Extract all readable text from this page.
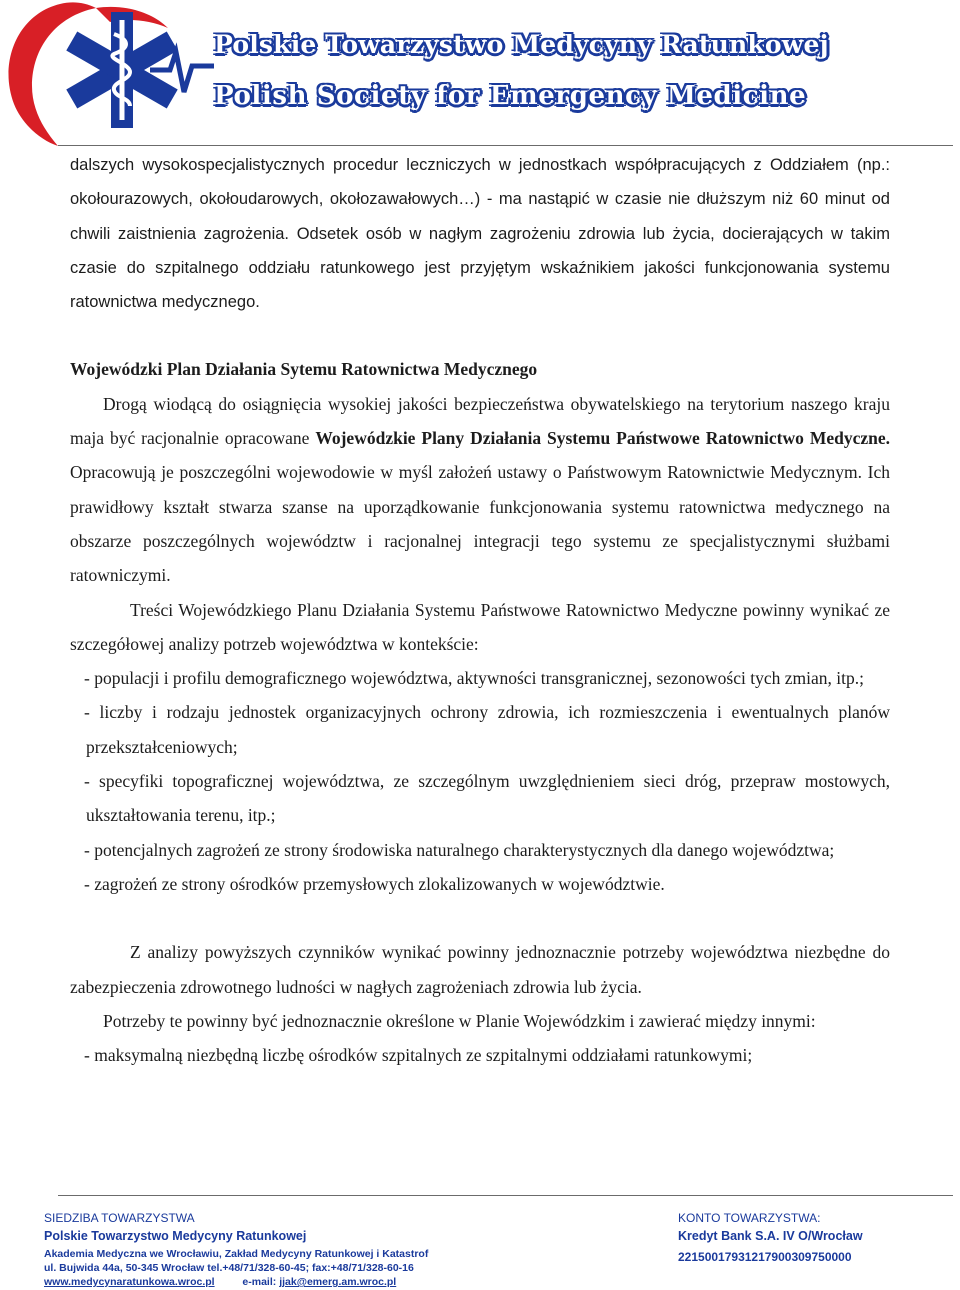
Polskie Towarzystwo Medycyny Ratunkowej
Polish Society for Emergency Medicine

dalszych wysokospecjalistycznych procedur leczniczych w jednostkach współpracujących z Oddziałem (np.: okołourazowych, okołoudarowych, okołozawałowych…) - ma nastąpić w czasie nie dłuższym niż 60 minut od chwili zaistnienia zagrożenia. Odsetek osób w nagłym zagrożeniu zdrowia lub życia, docierających w takim czasie do szpitalnego oddziału ratunkowego jest przyjętym wskaźnikiem jakości funkcjonowania systemu ratownictwa medycznego.

Wojewódzki Plan Działania Sytemu Ratownictwa Medycznego

Drogą wiodącą do osiągnięcia wysokiej jakości bezpieczeństwa obywatelskiego na terytorium naszego kraju maja być racjonalnie opracowane Wojewódzkie Plany Działania Systemu Państwowe Ratownictwo Medyczne. Opracowują je poszczególni wojewodowie w myśl założeń ustawy o Państwowym Ratownictwie Medycznym. Ich prawidłowy kształt stwarza szanse na uporządkowanie funkcjonowania systemu ratownictwa medycznego na obszarze poszczególnych województw i racjonalnej integracji tego systemu ze specjalistycznymi służbami ratowniczymi.

Treści Wojewódzkiego Planu Działania Systemu Państwowe Ratownictwo Medyczne powinny wynikać ze szczegółowej analizy potrzeb województwa w kontekście:

- populacji i profilu demograficznego województwa, aktywności transgranicznej, sezonowości tych zmian, itp.;

- liczby i rodzaju jednostek organizacyjnych ochrony zdrowia, ich rozmieszczenia i ewentualnych planów przekształceniowych;

- specyfiki topograficznej województwa, ze szczególnym uwzględnieniem sieci dróg, przepraw mostowych, ukształtowania terenu, itp.;

- potencjalnych zagrożeń ze strony środowiska naturalnego charakterystycznych dla danego województwa;

- zagrożeń ze strony ośrodków przemysłowych zlokalizowanych w województwie.

Z analizy powyższych czynników wynikać powinny jednoznacznie potrzeby województwa niezbędne do zabezpieczenia zdrowotnego ludności w nagłych zagrożeniach zdrowia lub życia.

Potrzeby te powinny być jednoznacznie określone w Planie Wojewódzkim i zawierać między innymi:

- maksymalną niezbędną liczbę ośrodków szpitalnych ze szpitalnymi oddziałami ratunkowymi;

SIEDZIBA TOWARZYSTWA
Polskie Towarzystwo Medycyny Ratunkowej
Akademia Medyczna we Wrocławiu, Zakład Medycyny Ratunkowej i Katastrof
ul. Bujwida 44a, 50-345 Wrocław tel.+48/71/328-60-45; fax:+48/71/328-60-16
www.medycynaratunkowa.wroc.pl	e-mail: jjak@emerg.am.wroc.pl
KONTO TOWARZYSTWA:
Kredyt Bank S.A. IV O/Wrocław
22150017931217900309750000
